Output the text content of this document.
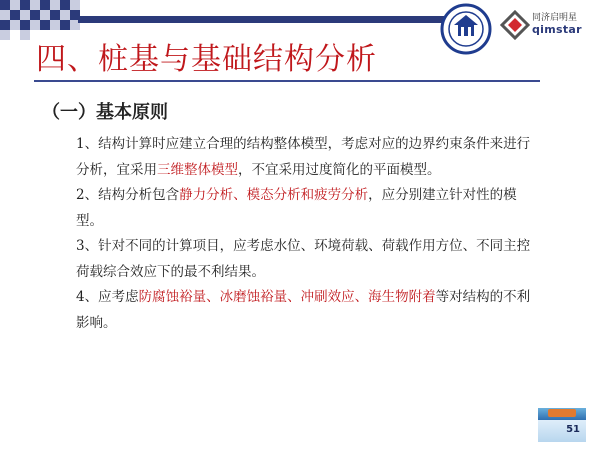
同济启明星
qimstar
四、桩基与基础结构分析
（一）基本原则

1、结构计算时应建立合理的结构整体模型，考虑对应的边界约束条件来进行分析，宜采用三维整体模型，不宜采用过度简化的平面模型。

2、结构分析包含静力分析、模态分析和疲劳分析，应分别建立针对性的模型。

3、针对不同的计算项目，应考虑水位、环境荷载、荷载作用方位、不同主控荷载综合效应下的最不利结果。

4、应考虑防腐蚀裕量、冰磨蚀裕量、冲刷效应、海生物附着等对结构的不利影响。

51
